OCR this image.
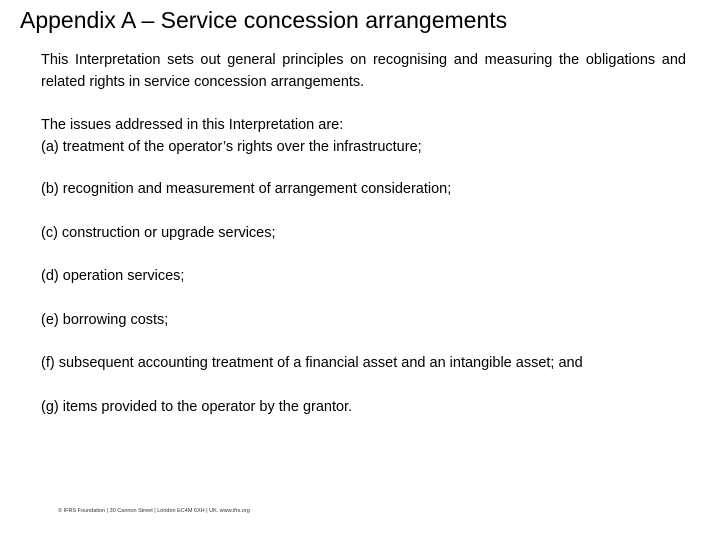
Appendix A – Service concession arrangements
This Interpretation sets out general principles on recognising and measuring the obligations and related rights in service concession arrangements.
The issues addressed in this Interpretation are:
(a) treatment of the operator’s rights over the infrastructure;
(b) recognition and measurement of arrangement consideration;
(c) construction or upgrade services;
(d) operation services;
(e) borrowing costs;
(f) subsequent accounting treatment of a financial asset and an intangible asset; and
(g) items provided to the operator by the grantor.
© IFRS Foundation | 30 Cannon Street | London EC4M 6XH | UK. www.ifrs.org
